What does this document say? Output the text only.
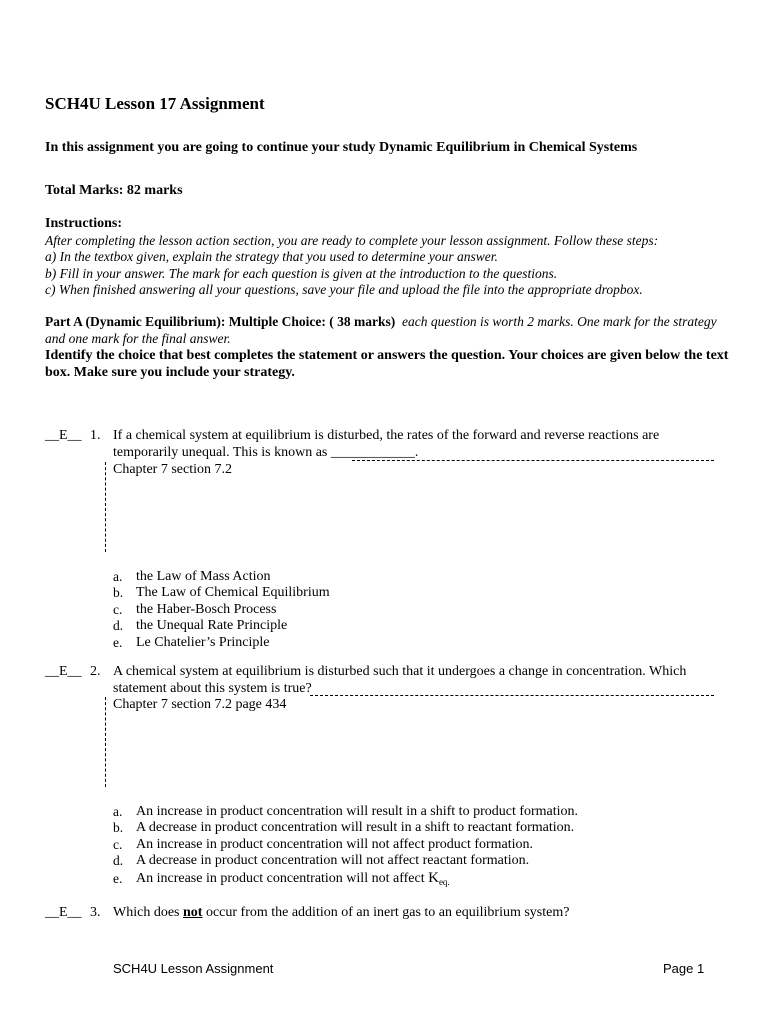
SCH4U Lesson 17 Assignment
In this assignment you are going to continue your study Dynamic Equilibrium in Chemical Systems
Total Marks: 82 marks
Instructions:
After completing the lesson action section, you are ready to complete your lesson assignment. Follow these steps:
a) In the textbox given, explain the strategy that you used to determine your answer.
b) Fill in your answer. The mark for each question is given at the introduction to the questions.
c) When finished answering all your questions, save your file and upload the file into the appropriate dropbox.
Part A (Dynamic Equilibrium): Multiple Choice: ( 38 marks) each question is worth 2 marks. One mark for the strategy and one mark for the final answer.
Identify the choice that best completes the statement or answers the question. Your choices are given below the text box. Make sure you include your strategy.
__E__ 1. If a chemical system at equilibrium is disturbed, the rates of the forward and reverse reactions are temporarily unequal. This is known as ____________.
Chapter 7 section 7.2
a. the Law of Mass Action
b. The Law of Chemical Equilibrium
c. the Haber-Bosch Process
d. the Unequal Rate Principle
e. Le Chatelier’s Principle
__E__ 2. A chemical system at equilibrium is disturbed such that it undergoes a change in concentration. Which statement about this system is true?
Chapter 7 section 7.2 page 434
a. An increase in product concentration will result in a shift to product formation.
b. A decrease in product concentration will result in a shift to reactant formation.
c. An increase in product concentration will not affect product formation.
d. A decrease in product concentration will not affect reactant formation.
e. An increase in product concentration will not affect $K_{eq.}$
__E__ 3. Which does not occur from the addition of an inert gas to an equilibrium system?
SCH4U Lesson Assignment	Page 1
